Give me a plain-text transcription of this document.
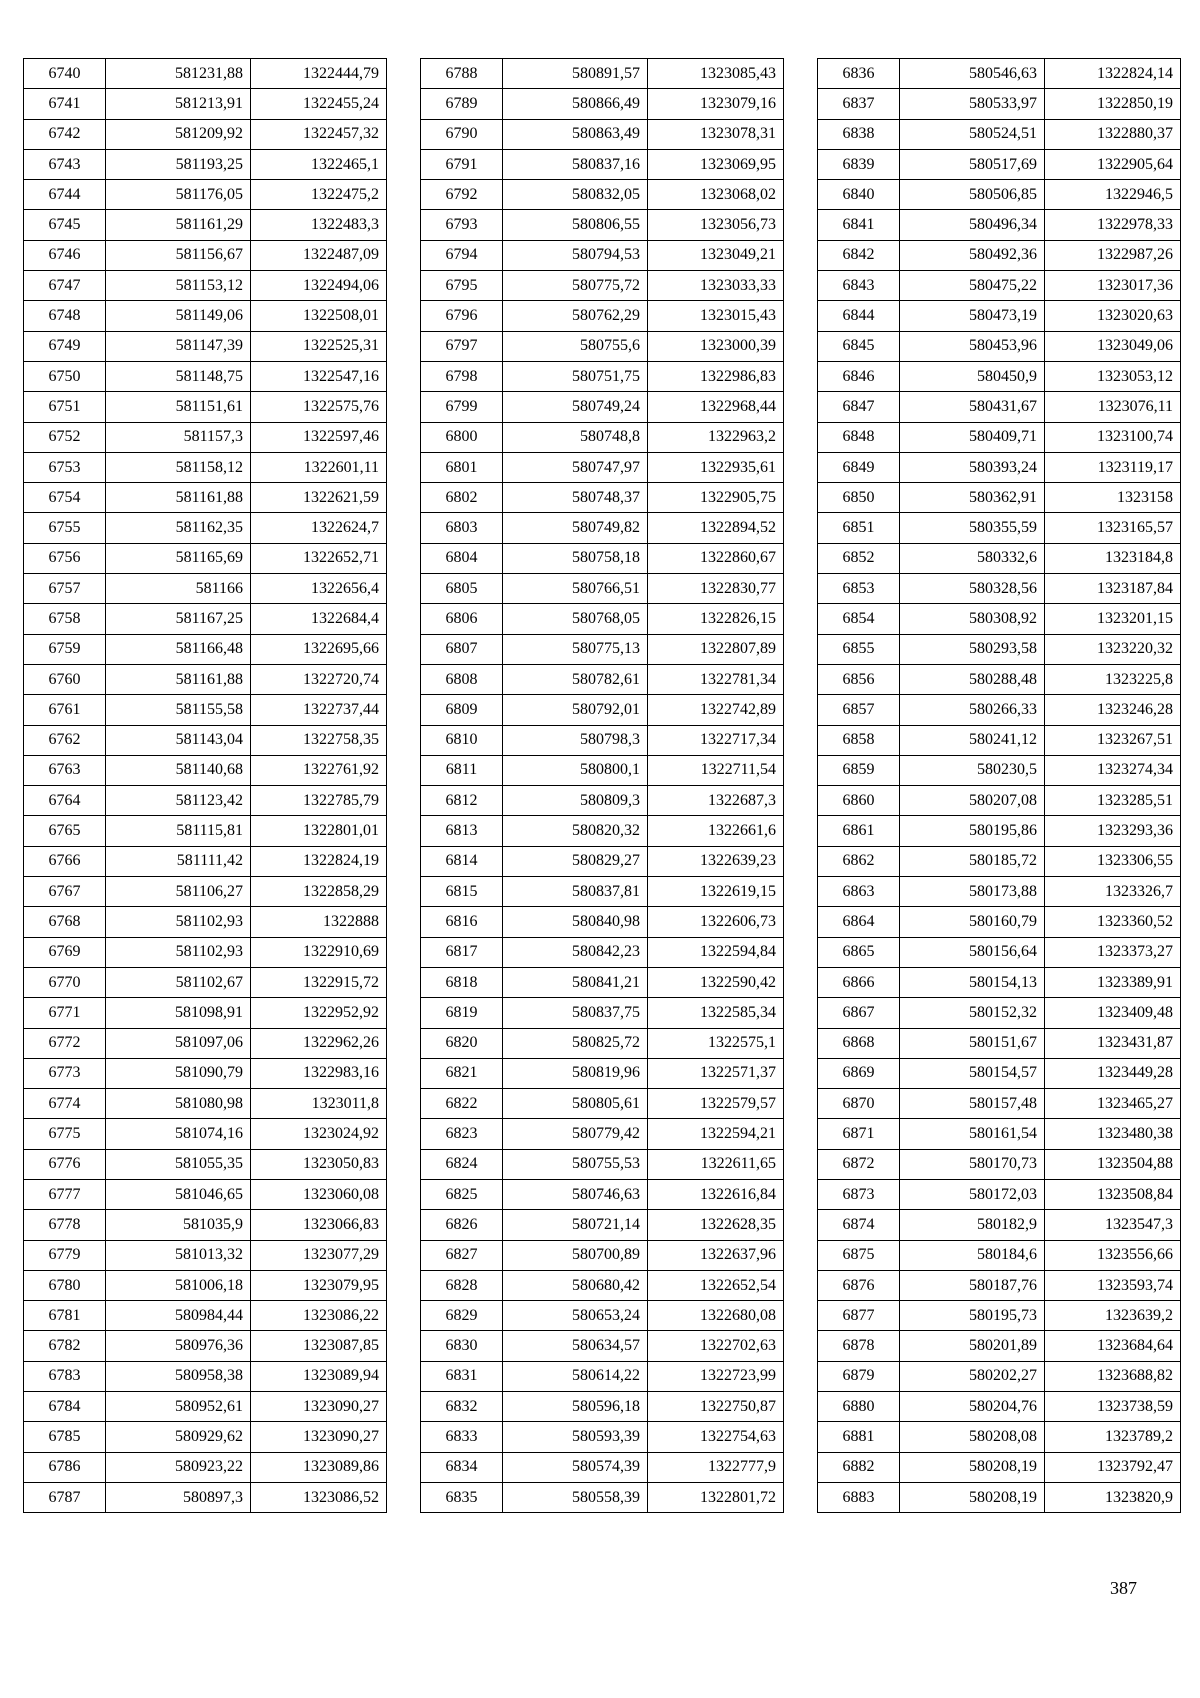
6740	581231,88	1322444,79
6741	581213,91	1322455,24
6742	581209,92	1322457,32
6743	581193,25	1322465,1
6744	581176,05	1322475,2
6745	581161,29	1322483,3
6746	581156,67	1322487,09
6747	581153,12	1322494,06
6748	581149,06	1322508,01
6749	581147,39	1322525,31
6750	581148,75	1322547,16
6751	581151,61	1322575,76
6752	581157,3	1322597,46
6753	581158,12	1322601,11
6754	581161,88	1322621,59
6755	581162,35	1322624,7
6756	581165,69	1322652,71
6757	581166	1322656,4
6758	581167,25	1322684,4
6759	581166,48	1322695,66
6760	581161,88	1322720,74
6761	581155,58	1322737,44
6762	581143,04	1322758,35
6763	581140,68	1322761,92
6764	581123,42	1322785,79
6765	581115,81	1322801,01
6766	581111,42	1322824,19
6767	581106,27	1322858,29
6768	581102,93	1322888
6769	581102,93	1322910,69
6770	581102,67	1322915,72
6771	581098,91	1322952,92
6772	581097,06	1322962,26
6773	581090,79	1322983,16
6774	581080,98	1323011,8
6775	581074,16	1323024,92
6776	581055,35	1323050,83
6777	581046,65	1323060,08
6778	581035,9	1323066,83
6779	581013,32	1323077,29
6780	581006,18	1323079,95
6781	580984,44	1323086,22
6782	580976,36	1323087,85
6783	580958,38	1323089,94
6784	580952,61	1323090,27
6785	580929,62	1323090,27
6786	580923,22	1323089,86
6787	580897,3	1323086,52
6788	580891,57	1323085,43
6789	580866,49	1323079,16
6790	580863,49	1323078,31
6791	580837,16	1323069,95
6792	580832,05	1323068,02
6793	580806,55	1323056,73
6794	580794,53	1323049,21
6795	580775,72	1323033,33
6796	580762,29	1323015,43
6797	580755,6	1323000,39
6798	580751,75	1322986,83
6799	580749,24	1322968,44
6800	580748,8	1322963,2
6801	580747,97	1322935,61
6802	580748,37	1322905,75
6803	580749,82	1322894,52
6804	580758,18	1322860,67
6805	580766,51	1322830,77
6806	580768,05	1322826,15
6807	580775,13	1322807,89
6808	580782,61	1322781,34
6809	580792,01	1322742,89
6810	580798,3	1322717,34
6811	580800,1	1322711,54
6812	580809,3	1322687,3
6813	580820,32	1322661,6
6814	580829,27	1322639,23
6815	580837,81	1322619,15
6816	580840,98	1322606,73
6817	580842,23	1322594,84
6818	580841,21	1322590,42
6819	580837,75	1322585,34
6820	580825,72	1322575,1
6821	580819,96	1322571,37
6822	580805,61	1322579,57
6823	580779,42	1322594,21
6824	580755,53	1322611,65
6825	580746,63	1322616,84
6826	580721,14	1322628,35
6827	580700,89	1322637,96
6828	580680,42	1322652,54
6829	580653,24	1322680,08
6830	580634,57	1322702,63
6831	580614,22	1322723,99
6832	580596,18	1322750,87
6833	580593,39	1322754,63
6834	580574,39	1322777,9
6835	580558,39	1322801,72
6836	580546,63	1322824,14
6837	580533,97	1322850,19
6838	580524,51	1322880,37
6839	580517,69	1322905,64
6840	580506,85	1322946,5
6841	580496,34	1322978,33
6842	580492,36	1322987,26
6843	580475,22	1323017,36
6844	580473,19	1323020,63
6845	580453,96	1323049,06
6846	580450,9	1323053,12
6847	580431,67	1323076,11
6848	580409,71	1323100,74
6849	580393,24	1323119,17
6850	580362,91	1323158
6851	580355,59	1323165,57
6852	580332,6	1323184,8
6853	580328,56	1323187,84
6854	580308,92	1323201,15
6855	580293,58	1323220,32
6856	580288,48	1323225,8
6857	580266,33	1323246,28
6858	580241,12	1323267,51
6859	580230,5	1323274,34
6860	580207,08	1323285,51
6861	580195,86	1323293,36
6862	580185,72	1323306,55
6863	580173,88	1323326,7
6864	580160,79	1323360,52
6865	580156,64	1323373,27
6866	580154,13	1323389,91
6867	580152,32	1323409,48
6868	580151,67	1323431,87
6869	580154,57	1323449,28
6870	580157,48	1323465,27
6871	580161,54	1323480,38
6872	580170,73	1323504,88
6873	580172,03	1323508,84
6874	580182,9	1323547,3
6875	580184,6	1323556,66
6876	580187,76	1323593,74
6877	580195,73	1323639,2
6878	580201,89	1323684,64
6879	580202,27	1323688,82
6880	580204,76	1323738,59
6881	580208,08	1323789,2
6882	580208,19	1323792,47
6883	580208,19	1323820,9
387
